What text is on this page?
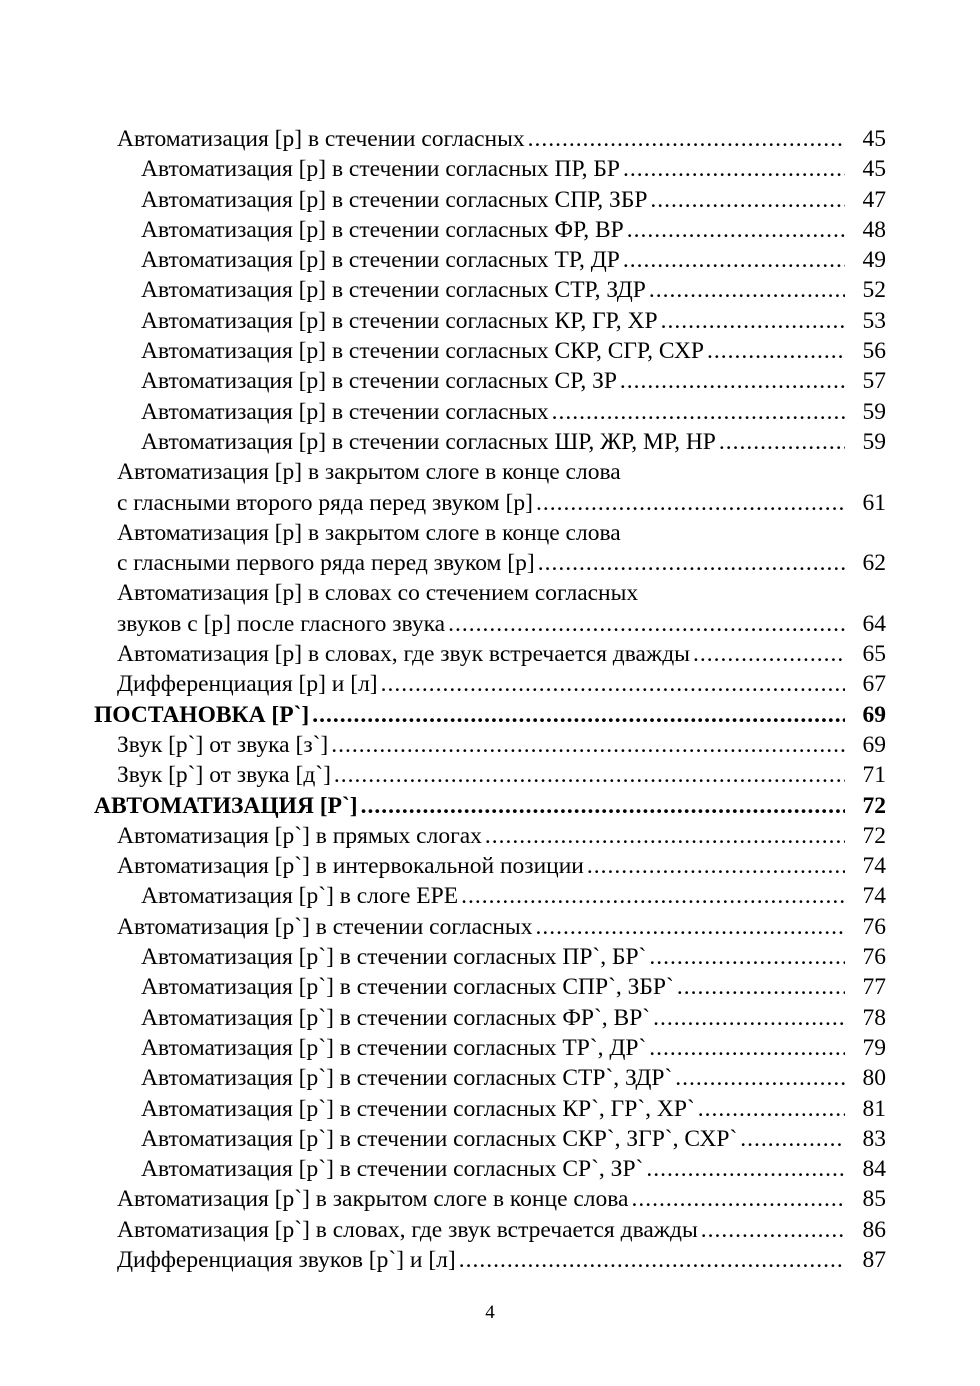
Автоматизация [р] в стечении согласных .....	45
Автоматизация [р] в стечении согласных ПР, БР .....	45
Автоматизация [р] в стечении согласных СПР, ЗБР .....	47
Автоматизация [р] в стечении согласных ФР, ВР .....	48
Автоматизация [р] в стечении согласных ТР, ДР .....	49
Автоматизация [р] в стечении согласных СТР, ЗДР .....	52
Автоматизация [р] в стечении согласных КР, ГР, ХР .....	53
Автоматизация [р] в стечении согласных СКР, СГР, СХР .....	56
Автоматизация [р] в стечении согласных СР, ЗР .....	57
Автоматизация [р] в стечении согласных .....	59
Автоматизация [р] в стечении согласных ШР, ЖР, МР, НР .....	59
Автоматизация [р] в закрытом слоге в конце слова
с гласными второго ряда перед звуком [р] .....	61
Автоматизация [р] в закрытом слоге в конце слова
с гласными первого ряда перед звуком [р] .....	62
Автоматизация [р] в словах со стечением согласных
звуков с [р] после гласного звука .....	64
Автоматизация [р] в словах, где звук встречается дважды .....	65
Дифференциация [р] и [л] .....	67
ПОСТАНОВКА [Р`] .....	69
Звук [р`] от звука [з`] .....	69
Звук [р`] от звука [д`] .....	71
АВТОМАТИЗАЦИЯ [Р`] .....	72
Автоматизация [р`] в прямых слогах .....	72
Автоматизация [р`] в интервокальной позиции .....	74
Автоматизация [р`] в слоге ЕРЕ .....	74
Автоматизация [р`] в стечении согласных .....	76
Автоматизация [р`] в стечении согласных ПР`, БР` .....	76
Автоматизация [р`] в стечении согласных СПР`, ЗБР` .....	77
Автоматизация [р`] в стечении согласных ФР`, ВР` .....	78
Автоматизация [р`] в стечении согласных ТР`, ДР` .....	79
Автоматизация [р`] в стечении согласных СТР`, ЗДР` .....	80
Автоматизация [р`] в стечении согласных КР`, ГР`, ХР` .....	81
Автоматизация [р`] в стечении согласных СКР`, ЗГР`, СХР` .....	83
Автоматизация [р`] в стечении согласных СР`, ЗР` .....	84
Автоматизация [р`] в закрытом слоге в конце слова .....	85
Автоматизация [р`] в словах, где звук встречается дважды .....	86
Дифференциация звуков [р`] и [л] .....	87
4
